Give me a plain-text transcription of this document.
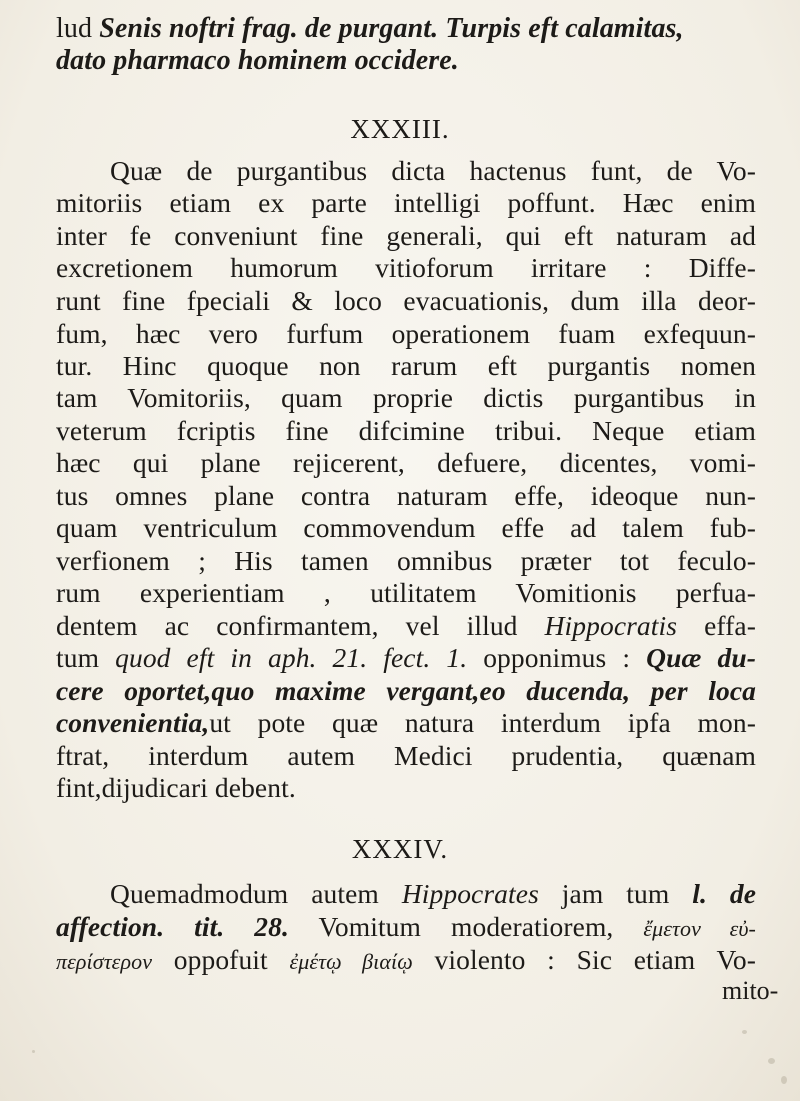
lud Senis noftri frag. de purgant. Turpis eft calamitas,
dato pharmaco hominem occidere.
XXXIII.
Quæ de purgantibus dicta hactenus funt, de Vo-
mitoriis etiam ex parte intelligi poffunt. Hæc enim
inter fe conveniunt fine generali, qui eft naturam ad
excretionem humorum vitioforum irritare : Diffe-
runt fine fpeciali & loco evacuationis, dum illa deor-
fum, hæc vero furfum operationem fuam exfequun-
tur. Hinc quoque non rarum eft purgantis nomen
tam Vomitoriis, quam proprie dictis purgantibus in
veterum fcriptis fine difcimine tribui. Neque etiam
hæc qui plane rejicerent, defuere, dicentes, vomi-
tus omnes plane contra naturam effe, ideoque nun-
quam ventriculum commovendum effe ad talem fub-
verfionem ; His tamen omnibus præter tot feculo-
rum experientiam , utilitatem Vomitionis perfua-
dentem ac confirmantem, vel illud Hippocratis effa-
tum quod eft in aph. 21. fect. 1. opponimus : Quæ du-
cere oportet,quo maxime vergant,eo ducenda, per loca
convenientia,ut pote quæ natura interdum ipfa mon-
ftrat, interdum autem Medici prudentia, quænam
fint,dijudicari debent.
XXXIV.
Quemadmodum autem Hippocrates jam tum l. de
affection. tit. 28. Vomitum moderatiorem, ἔμετον εὐ-
περίστερον oppofuit ἐμέτῳ βιαίῳ violento : Sic etiam Vo-
mito-
